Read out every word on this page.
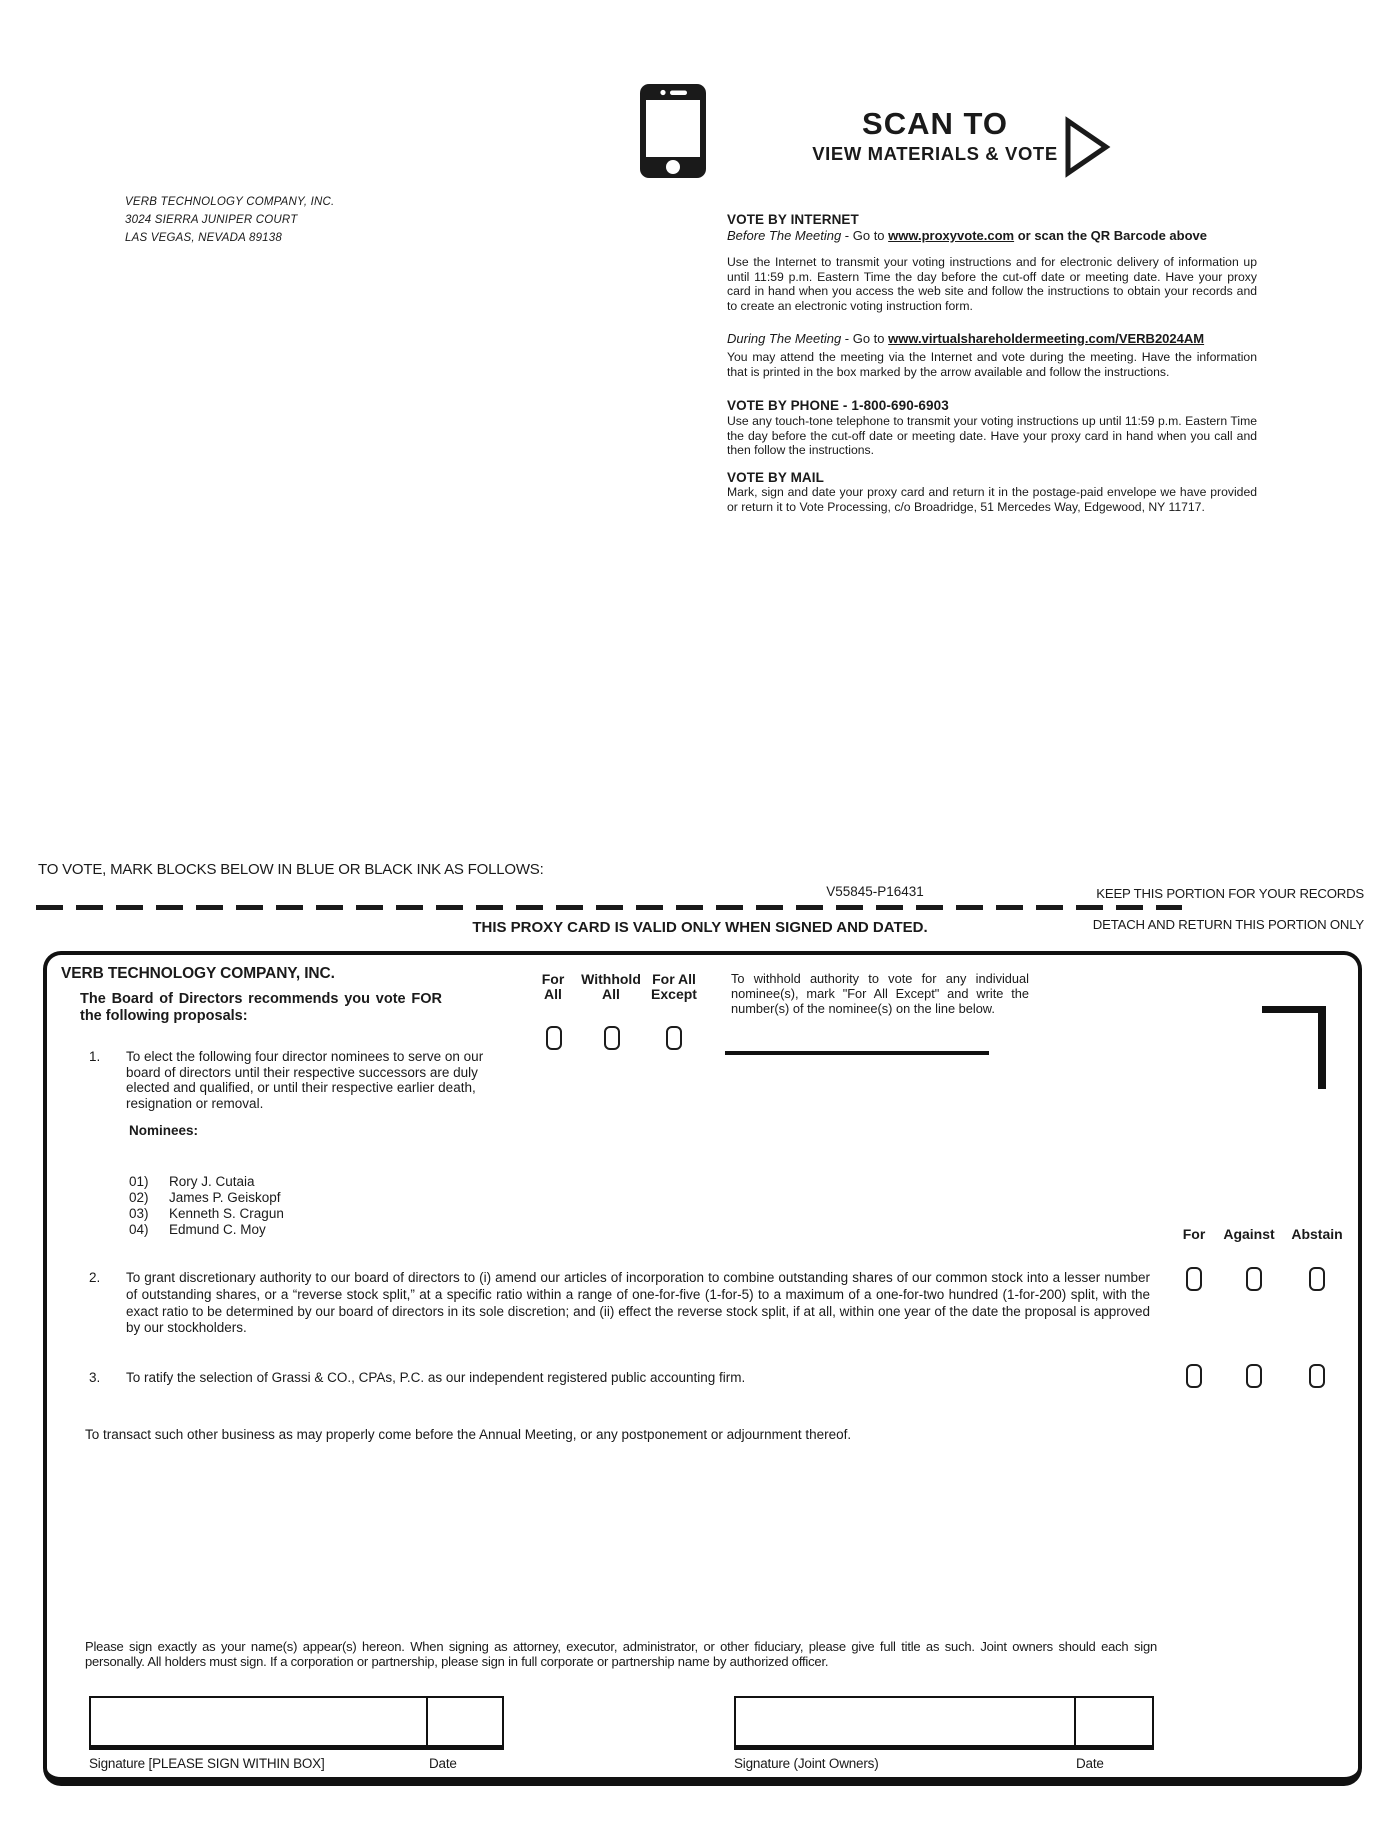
VERB TECHNOLOGY COMPANY, INC.
3024 SIERRA JUNIPER COURT
LAS VEGAS, NEVADA 89138
SCAN TO
VIEW MATERIALS & VOTE
VOTE BY INTERNET
Before The Meeting - Go to www.proxyvote.com or scan the QR Barcode above
Use the Internet to transmit your voting instructions and for electronic delivery of information up until 11:59 p.m. Eastern Time the day before the cut-off date or meeting date. Have your proxy card in hand when you access the web site and follow the instructions to obtain your records and to create an electronic voting instruction form.
During The Meeting - Go to www.virtualshareholdermeeting.com/VERB2024AM
You may attend the meeting via the Internet and vote during the meeting. Have the information that is printed in the box marked by the arrow available and follow the instructions.
VOTE BY PHONE - 1-800-690-6903
Use any touch-tone telephone to transmit your voting instructions up until 11:59 p.m. Eastern Time the day before the cut-off date or meeting date. Have your proxy card in hand when you call and then follow the instructions.
VOTE BY MAIL
Mark, sign and date your proxy card and return it in the postage-paid envelope we have provided or return it to Vote Processing, c/o Broadridge, 51 Mercedes Way, Edgewood, NY 11717.
TO VOTE, MARK BLOCKS BELOW IN BLUE OR BLACK INK AS FOLLOWS:
V55845-P16431	KEEP THIS PORTION FOR YOUR RECORDS
THIS PROXY CARD IS VALID ONLY WHEN SIGNED AND DATED.	DETACH AND RETURN THIS PORTION ONLY
VERB TECHNOLOGY COMPANY, INC.
The Board of Directors recommends you vote FOR the following proposals:
For All
Withhold All
For All Except
To withhold authority to vote for any individual nominee(s), mark "For All Except" and write the number(s) of the nominee(s) on the line below.
1. To elect the following four director nominees to serve on our board of directors until their respective successors are duly elected and qualified, or until their respective earlier death, resignation or removal.
Nominees:
01) Rory J. Cutaia
02) James P. Geiskopf
03) Kenneth S. Cragun
04) Edmund C. Moy	For	Against	Abstain
2. To grant discretionary authority to our board of directors to (i) amend our articles of incorporation to combine outstanding shares of our common stock into a lesser number of outstanding shares, or a “reverse stock split,” at a specific ratio within a range of one-for-five (1-for-5) to a maximum of a one-for-two hundred (1-for-200) split, with the exact ratio to be determined by our board of directors in its sole discretion; and (ii) effect the reverse stock split, if at all, within one year of the date the proposal is approved by our stockholders.
3. To ratify the selection of Grassi & CO., CPAs, P.C. as our independent registered public accounting firm.
To transact such other business as may properly come before the Annual Meeting, or any postponement or adjournment thereof.
Please sign exactly as your name(s) appear(s) hereon. When signing as attorney, executor, administrator, or other fiduciary, please give full title as such. Joint owners should each sign personally. All holders must sign. If a corporation or partnership, please sign in full corporate or partnership name by authorized officer.
Signature [PLEASE SIGN WITHIN BOX]	Date	Signature (Joint Owners)	Date
